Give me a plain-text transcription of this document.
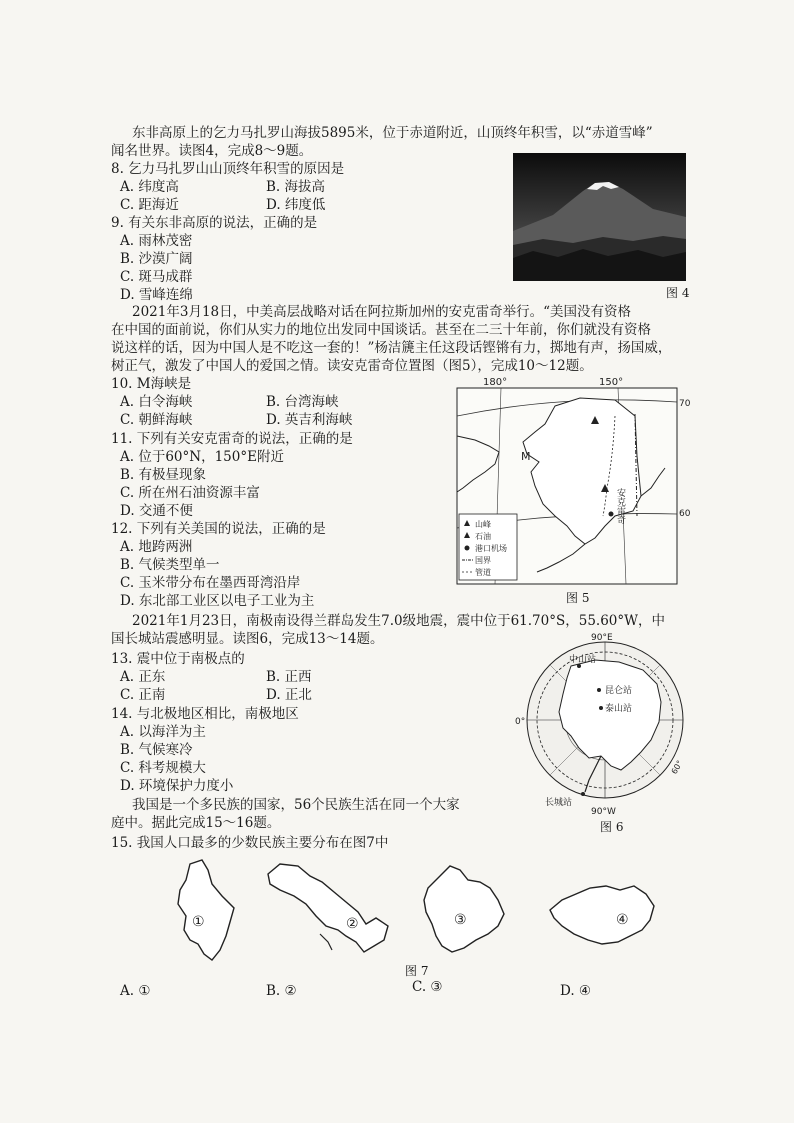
东非高原上的乞力马扎罗山海拔5895米，位于赤道附近，山顶终年积雪，以“赤道雪峰”
闻名世界。读图4，完成8～9题。
8. 乞力马扎罗山山顶终年积雪的原因是
A. 纬度高	B. 海拔高
C. 距海近	D. 纬度低
9. 有关东非高原的说法，正确的是
A. 雨林茂密
B. 沙漠广阔
C. 斑马成群
D. 雪峰连绵	图 4
2021年3月18日，中美高层战略对话在阿拉斯加州的安克雷奇举行。“美国没有资格
在中国的面前说，你们从实力的地位出发同中国谈话。甚至在二三十年前，你们就没有资格
说这样的话，因为中国人是不吃这一套的！”杨洁篪主任这段话铿锵有力，掷地有声，扬国威，
树正气，激发了中国人的爱国之情。读安克雷奇位置图（图5），完成10～12题。
10. M海峡是
A. 白令海峡	B. 台湾海峡
C. 朝鲜海峡	D. 英吉利海峡
11. 下列有关安克雷奇的说法，正确的是
A. 位于60°N，150°E附近
B. 有极昼现象
C. 所在州石油资源丰富
D. 交通不便
12. 下列有关美国的说法，正确的是
A. 地跨两洲
B. 气候类型单一
C. 玉米带分布在墨西哥湾沿岸
D. 东北部工业区以电子工业为主
180°	150°
70
60
M
安克雷奇
山峰
石油
港口机场
国界
管道
图 5
2021年1月23日，南极南设得兰群岛发生7.0级地震，震中位于61.70°S，55.60°W，中
国长城站震感明显。读图6，完成13～14题。
13. 震中位于南极点的
A. 正东	B. 正西
C. 正南	D. 正北
14. 与北极地区相比，南极地区
A. 以海洋为主
B. 气候寒冷
C. 科考规模大
D. 环境保护力度小
我国是一个多民族的国家，56个民族生活在同一个大家
庭中。据此完成15～16题。
90°E
0°
90°W
60°
中山站
昆仑站
泰山站
长城站
图 6
15. 我国人口最多的少数民族主要分布在图7中
①	②	③	④
图 7
A. ①	B. ②	C. ③	D. ④
